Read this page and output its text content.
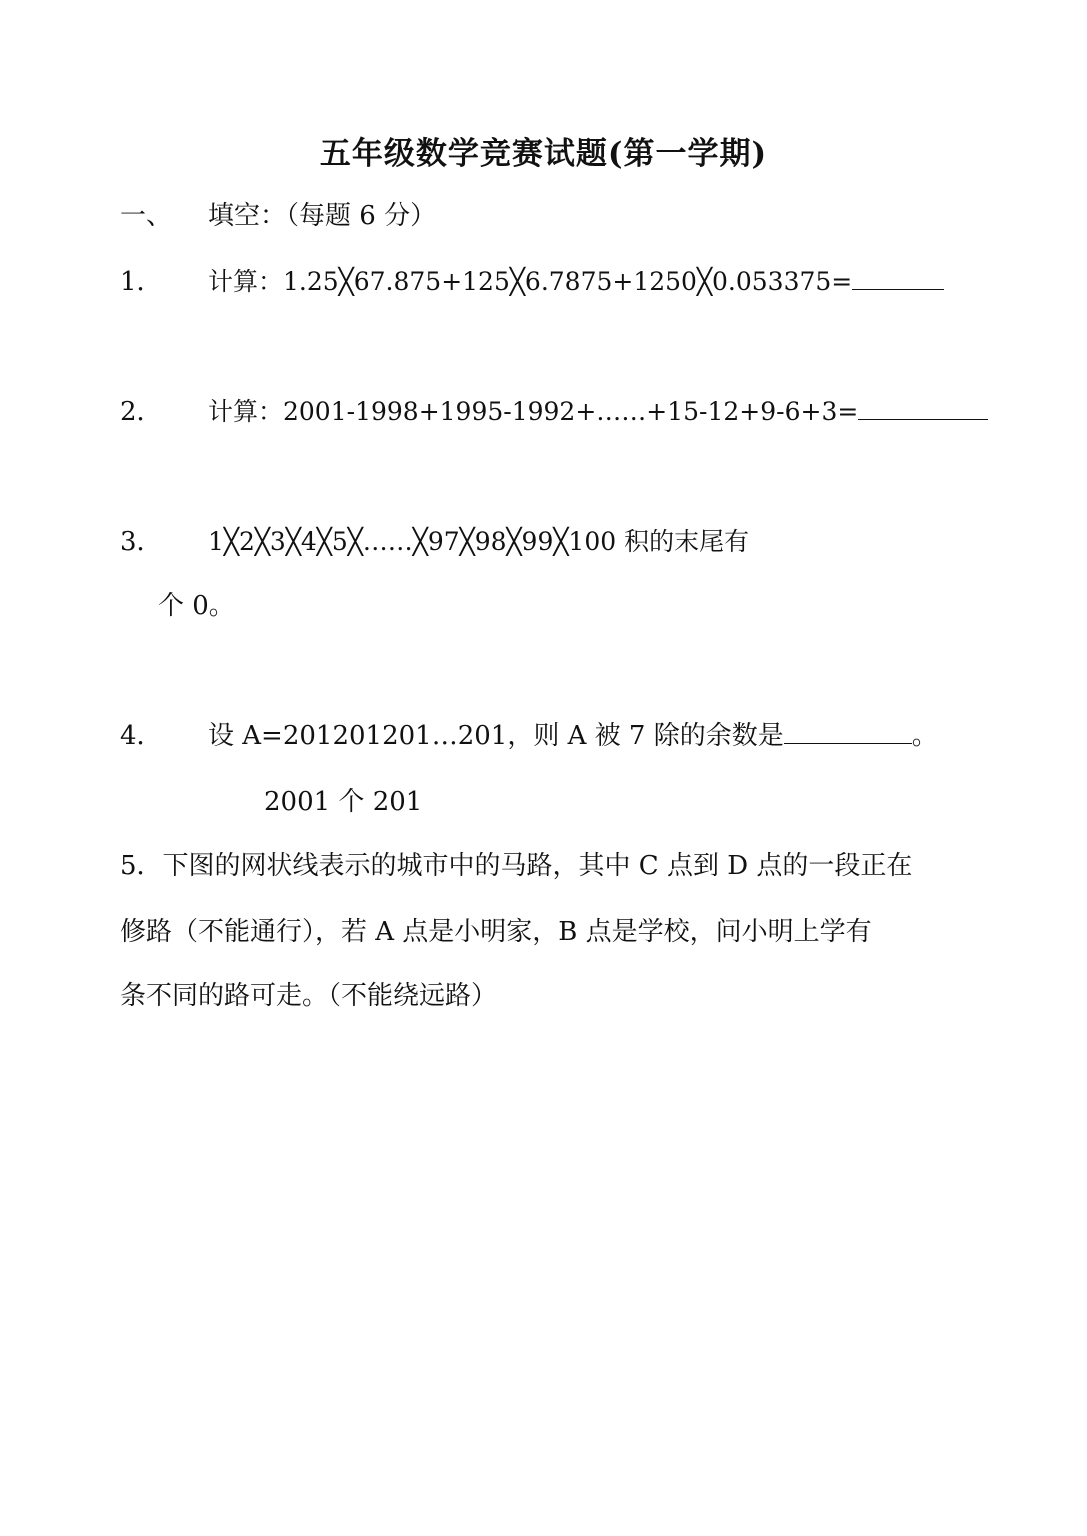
五年级数学竞赛试题(第一学期)
一、 填空：（每题 6 分）
1． 计算：1.25╳67.875+125╳6.7875+1250╳0.053375=
2． 计算：2001-1998+1995-1992+……+15-12+9-6+3=
3． 1╳2╳3╳4╳5╳……╳97╳98╳99╳100 积的末尾有
个 0。
4． 设 A=201201201…201，则 A 被 7 除的余数是	。
2001 个 201
5．下图的网状线表示的城市中的马路，其中 C 点到 D 点的一段正在
修路（不能通行），若 A 点是小明家，B 点是学校，问小明上学有
条不同的路可走。（不能绕远路）
